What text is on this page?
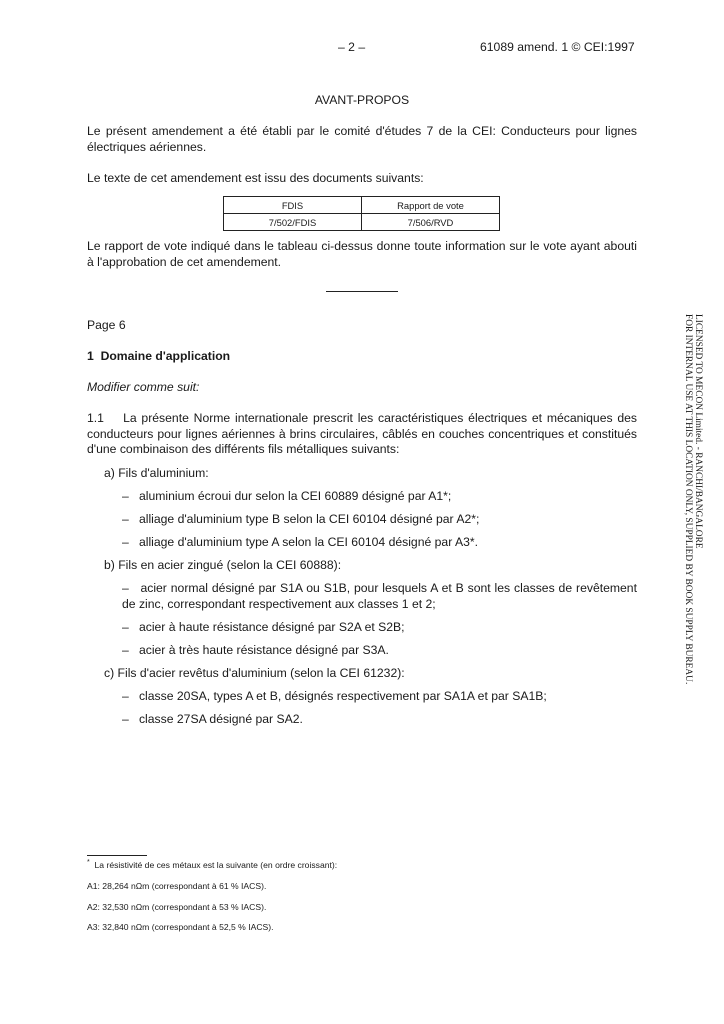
– 2 –	61089 amend. 1 © CEI:1997
AVANT-PROPOS
Le présent amendement a été établi par le comité d'études 7 de la CEI: Conducteurs pour lignes électriques aériennes.
Le texte de cet amendement est issu des documents suivants:
FDIS	Rapport de vote
7/502/FDIS	7/506/RVD
Le rapport de vote indiqué dans le tableau ci-dessus donne toute information sur le vote ayant abouti à l'approbation de cet amendement.
Page 6
1 Domaine d'application
Modifier comme suit:
1.1 La présente Norme internationale prescrit les caractéristiques électriques et mécaniques des conducteurs pour lignes aériennes à brins circulaires, câblés en couches concentriques et constitués d'une combinaison des différents fils métalliques suivants:
a) Fils d'aluminium:
– aluminium écroui dur selon la CEI 60889 désigné par A1*;
– alliage d'aluminium type B selon la CEI 60104 désigné par A2*;
– alliage d'aluminium type A selon la CEI 60104 désigné par A3*.
b) Fils en acier zingué (selon la CEI 60888):
– acier normal désigné par S1A ou S1B, pour lesquels A et B sont les classes de revêtement de zinc, correspondant respectivement aux classes 1 et 2;
– acier à haute résistance désigné par S2A et S2B;
– acier à très haute résistance désigné par S3A.
c) Fils d'acier revêtus d'aluminium (selon la CEI 61232):
– classe 20SA, types A et B, désignés respectivement par SA1A et par SA1B;
– classe 27SA désigné par SA2.
* La résistivité de ces métaux est la suivante (en ordre croissant):
A1: 28,264 nΩm (correspondant à 61 % IACS).
A2: 32,530 nΩm (correspondant à 53 % IACS).
A3: 32,840 nΩm (correspondant à 52,5 % IACS).
LICENSED TO MECON Limited. - RANCHI/BANGALORE
FOR INTERNAL USE AT THIS LOCATION ONLY, SUPPLIED BY BOOK SUPPLY BUREAU.
